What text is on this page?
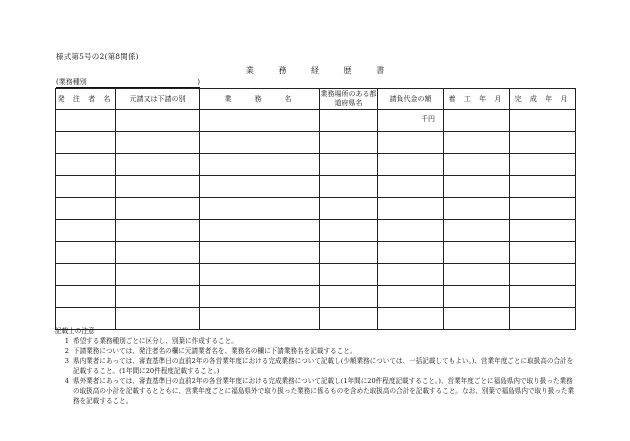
様式第5号の2(第8関係)
業	務	経	歴	書
(業務種別	)
発 注 者 名	元請又は下請の別	業　　務　　名	業務場所のある都道府県名	請負代金の額	着 工 年 月	完 成 年 月
				千円		

記載上の注意
1 希望する業務種別ごとに区分し、別葉に作成すること。
2 下請業務については、発注者名の欄に元請業者名を、業務名の欄に下請業務名を記載すること。
3 県内業者にあっては、審査基準日の直前2年の各営業年度における完成業務について記載し(少額業務については、一括記載してもよい。)、営業年度ごとに取扱高の合計を記載すること。(1年間に20件程度記載すること。)
4 県外業者にあっては、審査基準日の直前2年の各営業年度における完成業務について記載し(1年間に20件程度記載すること。)、営業年度ごとに福島県内で取り扱った業務の取扱高の小計を記載するとともに、営業年度ごとに福島県外で取り扱った業務に係るものを含めた取扱高の合計を記載すること。なお、別葉で福島県内で取り扱った業務を記載すること。
